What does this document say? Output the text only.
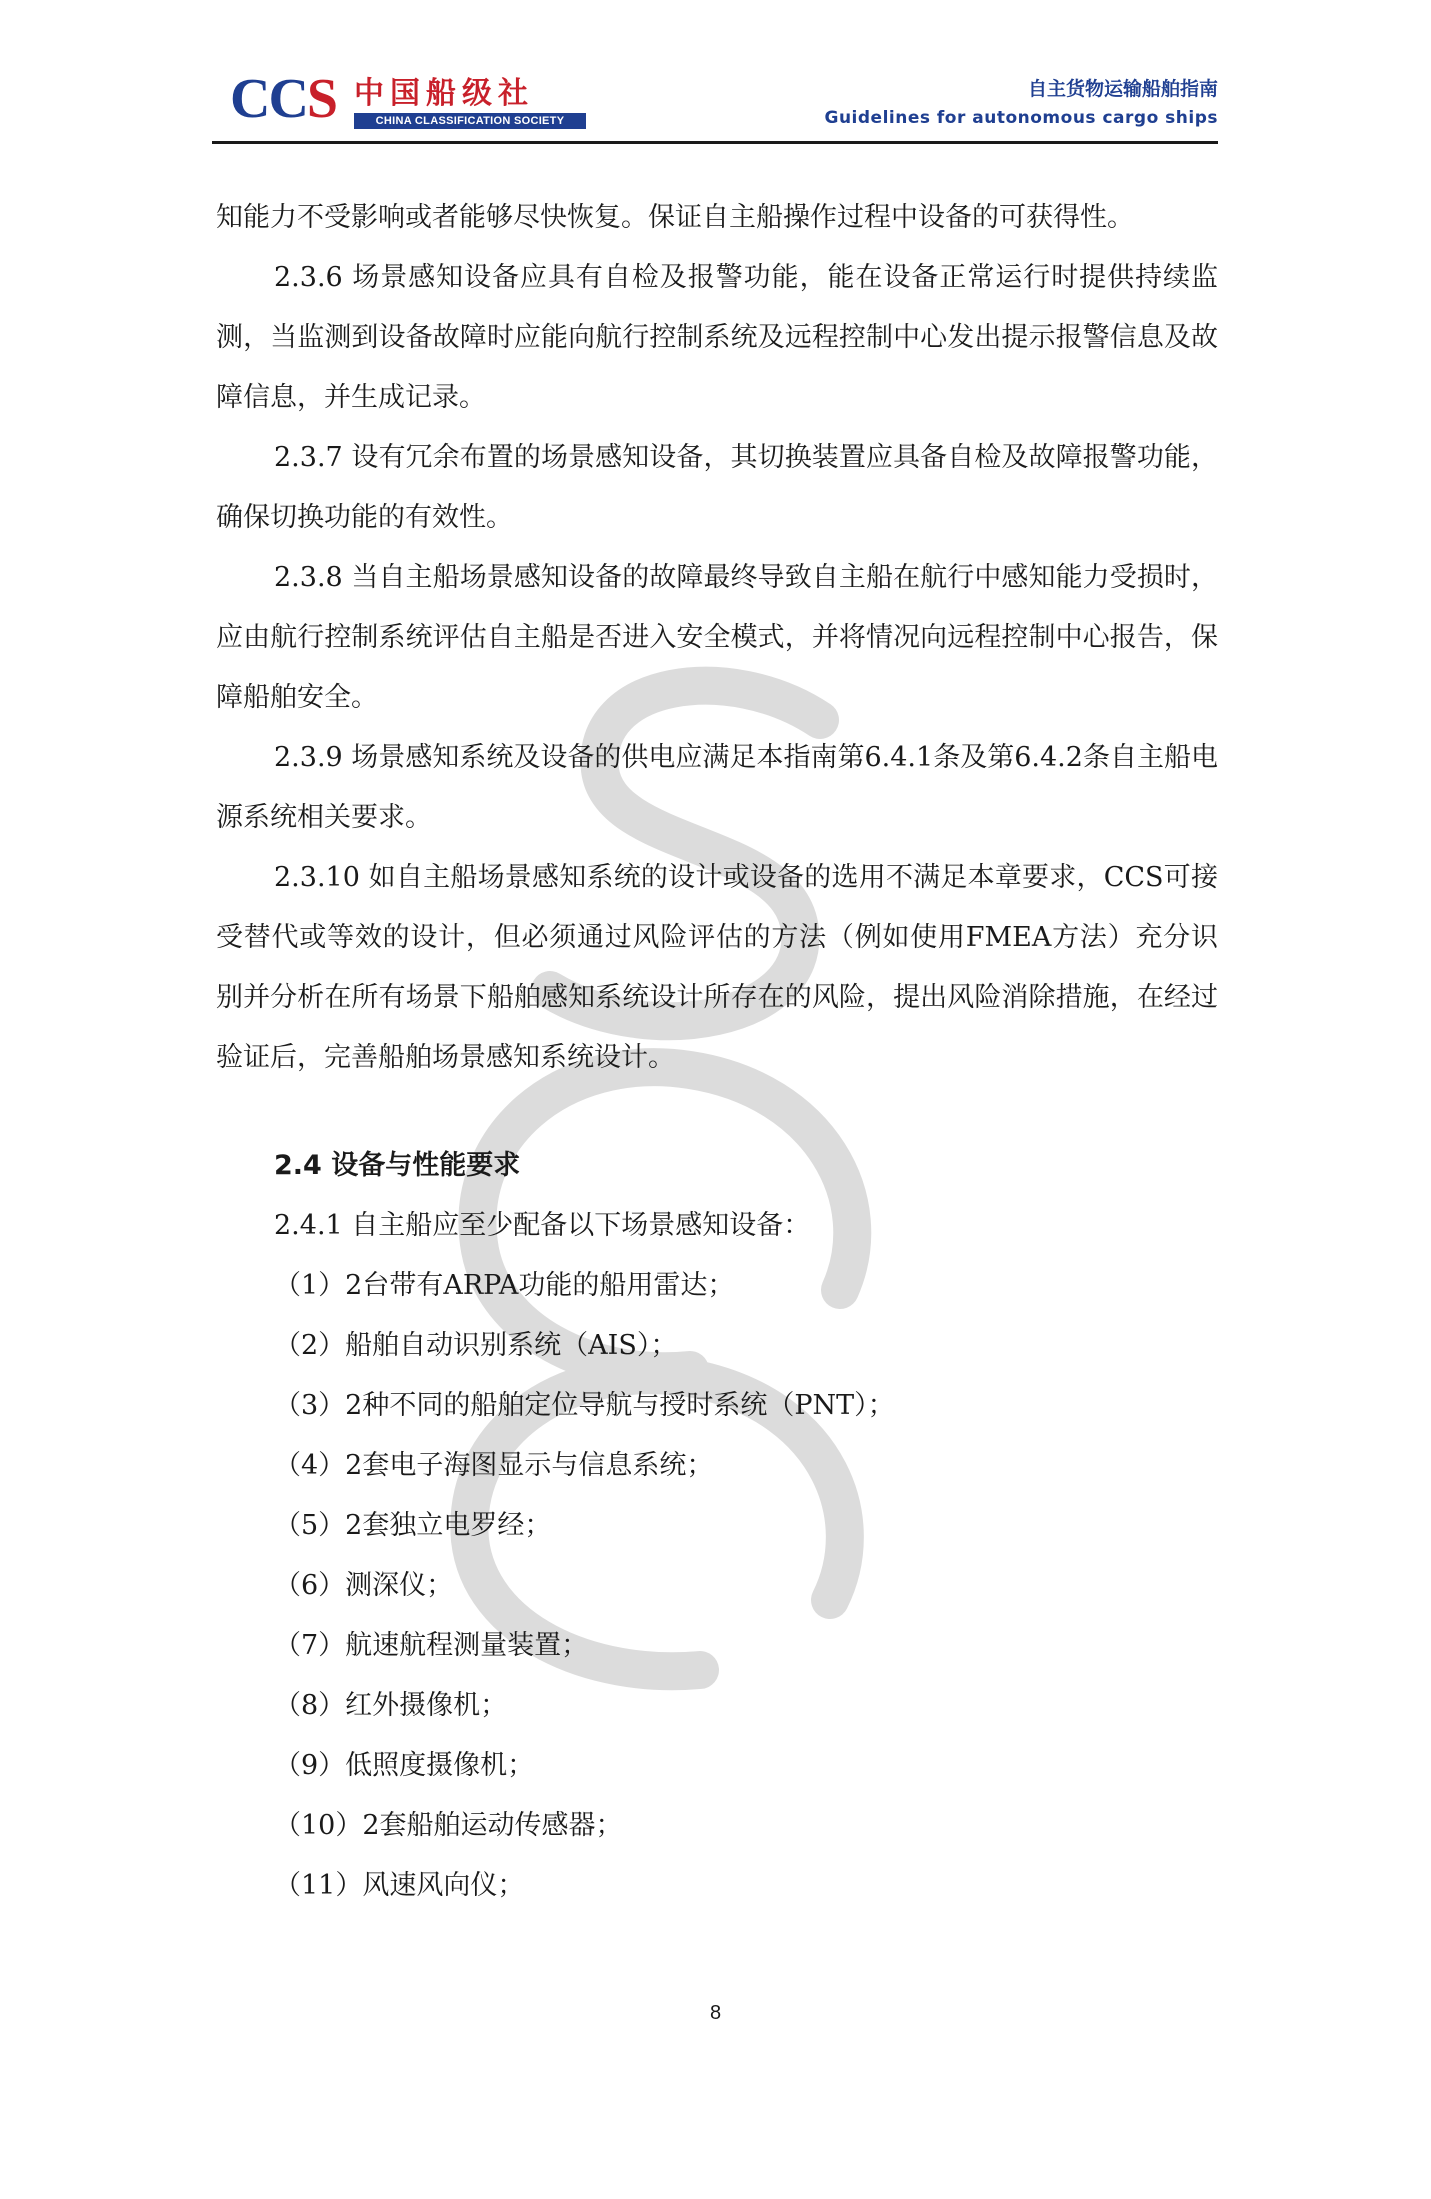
CCS 中国船级社
CHINA CLASSIFICATION SOCIETY
自主货物运输船舶指南
Guidelines for autonomous cargo ships

知能力不受影响或者能够尽快恢复。保证自主船操作过程中设备的可获得性。

2.3.6 场景感知设备应具有自检及报警功能，能在设备正常运行时提供持续监测，当监测到设备故障时应能向航行控制系统及远程控制中心发出提示报警信息及故障信息，并生成记录。

2.3.7 设有冗余布置的场景感知设备，其切换装置应具备自检及故障报警功能，确保切换功能的有效性。

2.3.8 当自主船场景感知设备的故障最终导致自主船在航行中感知能力受损时，应由航行控制系统评估自主船是否进入安全模式，并将情况向远程控制中心报告，保障船舶安全。

2.3.9 场景感知系统及设备的供电应满足本指南第6.4.1条及第6.4.2条自主船电源系统相关要求。

2.3.10 如自主船场景感知系统的设计或设备的选用不满足本章要求，CCS可接受替代或等效的设计，但必须通过风险评估的方法（例如使用FMEA方法）充分识别并分析在所有场景下船舶感知系统设计所存在的风险，提出风险消除措施，在经过验证后，完善船舶场景感知系统设计。

2.4 设备与性能要求

2.4.1 自主船应至少配备以下场景感知设备：

（1）2台带有ARPA功能的船用雷达；

（2）船舶自动识别系统（AIS）；

（3）2种不同的船舶定位导航与授时系统（PNT）；

（4）2套电子海图显示与信息系统；

（5）2套独立电罗经；

（6）测深仪；

（7）航速航程测量装置；

（8）红外摄像机；

（9）低照度摄像机；

（10）2套船舶运动传感器；

（11）风速风向仪；

8
